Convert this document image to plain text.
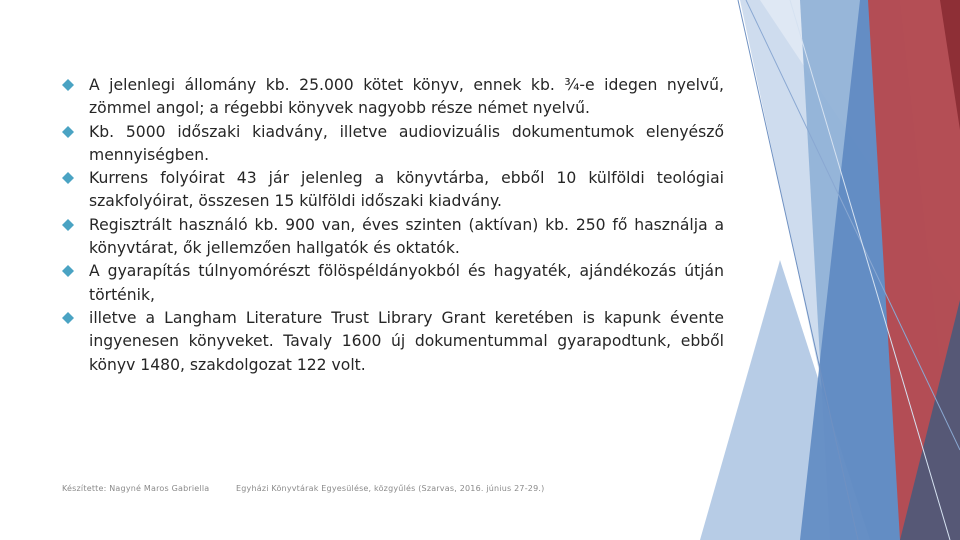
A jelenlegi állomány kb. 25.000 kötet könyv, ennek kb. ¾-e idegen nyelvű, zömmel angol; a régebbi könyvek nagyobb része német nyelvű.
Kb. 5000 időszaki kiadvány, illetve audiovizuális dokumentumok elenyésző mennyiségben.
Kurrens folyóirat 43 jár jelenleg a könyvtárba, ebből 10 külföldi teológiai szakfolyóirat, összesen 15 külföldi időszaki kiadvány.
Regisztrált használó kb. 900 van, éves szinten (aktívan) kb. 250 fő használja a könyvtárat, ők jellemzően hallgatók és oktatók.
A gyarapítás túlnyomórészt fölöspéldányokból és hagyaték, ajándékozás útján történik,
illetve a Langham Literature Trust Library Grant keretében is kapunk évente ingyenesen könyveket. Tavaly 1600 új dokumentummal gyarapodtunk, ebből könyv 1480, szakdolgozat 122 volt.
Készítette: Nagyné Maros Gabriella	Egyházi Könyvtárak Egyesülése, közgyűlés (Szarvas, 2016. június 27-29.)
